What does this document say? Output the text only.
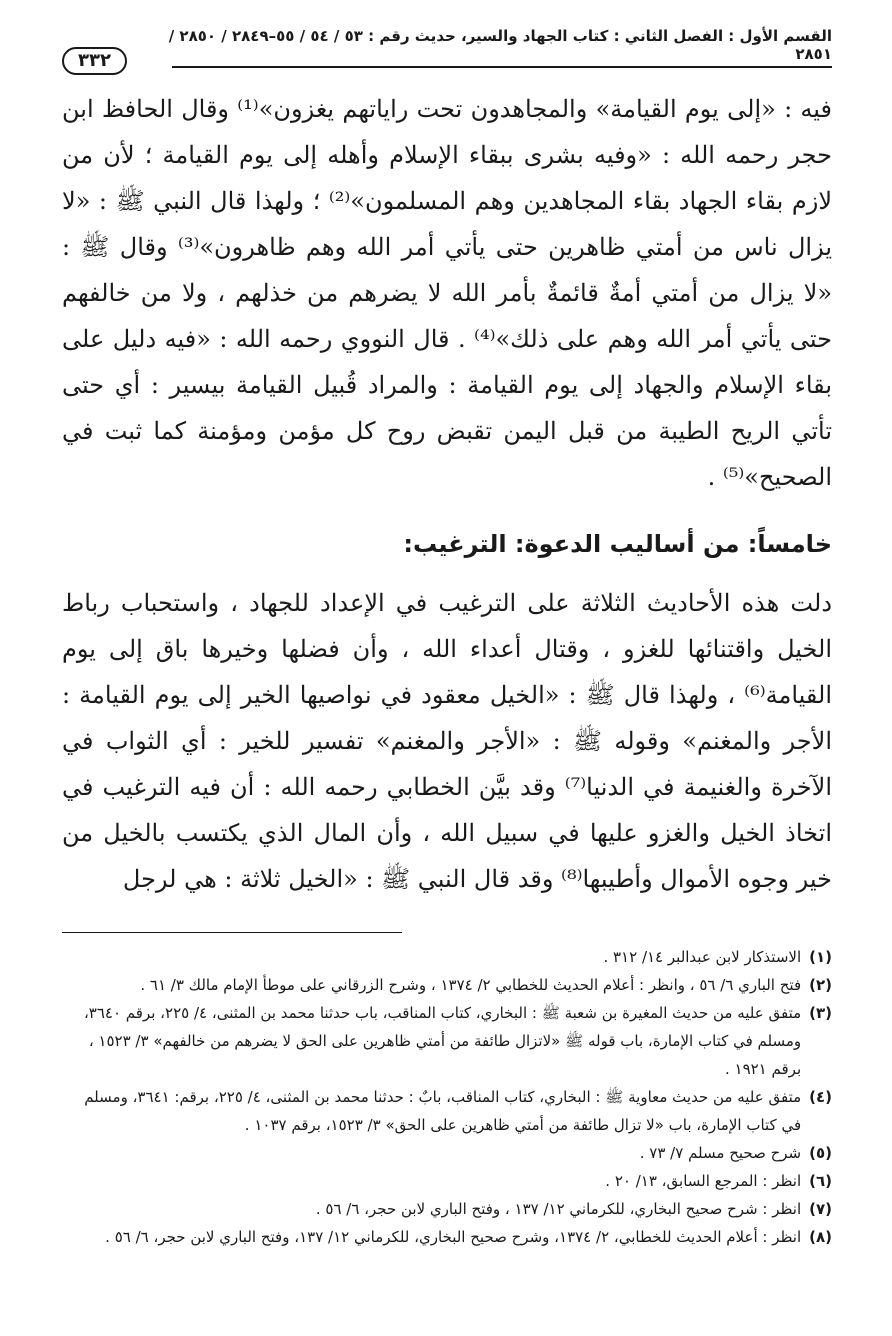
القسم الأول : الفصل الثاني : كتاب الجهاد والسير، حديث رقم : ٥٣ / ٥٤ / ٥٥–٢٨٤٩ / ٢٨٥٠ / ٢٨٥١
٣٣٢

فيه : «إلى يوم القيامة» والمجاهدون تحت راياتهم يغزون»⁽¹⁾ وقال الحافظ ابن حجر رحمه الله : «وفيه بشرى ببقاء الإسلام وأهله إلى يوم القيامة ؛ لأن من لازم بقاء الجهاد بقاء المجاهدين وهم المسلمون»⁽²⁾ ؛ ولهذا قال النبي ﷺ : «لا يزال ناس من أمتي ظاهرين حتى يأتي أمر الله وهم ظاهرون»⁽³⁾ وقال ﷺ : «لا يزال من أمتي أمةٌ قائمةٌ بأمر الله لا يضرهم من خذلهم ، ولا من خالفهم حتى يأتي أمر الله وهم على ذلك»⁽⁴⁾ . قال النووي رحمه الله : «فيه دليل على بقاء الإسلام والجهاد إلى يوم القيامة : والمراد قُبيل القيامة بيسير : أي حتى تأتي الريح الطيبة من قبل اليمن تقبض روح كل مؤمن ومؤمنة كما ثبت في الصحيح»⁽⁵⁾ .

خامساً: من أساليب الدعوة: الترغيب:

دلت هذه الأحاديث الثلاثة على الترغيب في الإعداد للجهاد ، واستحباب رباط الخيل واقتنائها للغزو ، وقتال أعداء الله ، وأن فضلها وخيرها باق إلى يوم القيامة⁽⁶⁾ ، ولهذا قال ﷺ : «الخيل معقود في نواصيها الخير إلى يوم القيامة : الأجر والمغنم» وقوله ﷺ : «الأجر والمغنم» تفسير للخير : أي الثواب في الآخرة والغنيمة في الدنيا⁽⁷⁾ وقد بيَّن الخطابي رحمه الله : أن فيه الترغيب في اتخاذ الخيل والغزو عليها في سبيل الله ، وأن المال الذي يكتسب بالخيل من خير وجوه الأموال وأطيبها⁽⁸⁾ وقد قال النبي ﷺ : «الخيل ثلاثة : هي لرجل

(١)
الاستذكار لابن عبدالبر ١٤/ ٣١٢ .
(٢)
فتح الباري ٦/ ٥٦ ، وانظر : أعلام الحديث للخطابي ٢/ ١٣٧٤ ، وشرح الزرقاني على موطأ الإمام مالك ٣/ ٦١ .
(٣)
متفق عليه من حديث المغيرة بن شعبة ﷺ : البخاري، كتاب المناقب، باب حدثنا محمد بن المثنى، ٤/ ٢٢٥، برقم ٣٦٤٠، ومسلم في كتاب الإمارة، باب قوله ﷺ «لاتزال طائفة من أمتي ظاهرين على الحق لا يضرهم من خالفهم» ٣/ ١٥٢٣ ، برقم ١٩٢١ .
(٤)
متفق عليه من حديث معاوية ﷺ : البخاري، كتاب المناقب، بابٌ : حدثنا محمد بن المثنى، ٤/ ٢٢٥، برقم: ٣٦٤١، ومسلم في كتاب الإمارة، باب «لا تزال طائفة من أمتي ظاهرين على الحق» ٣/ ١٥٢٣، برقم ١٠٣٧ .
(٥)
شرح صحيح مسلم ٧/ ٧٣ .
(٦)
انظر : المرجع السابق، ١٣/ ٢٠ .
(٧)
انظر : شرح صحيح البخاري، للكرماني ١٢/ ١٣٧ ، وفتح الباري لابن حجر، ٦/ ٥٦ .
(٨)
انظر : أعلام الحديث للخطابي، ٢/ ١٣٧٤، وشرح صحيح البخاري، للكرماني ١٢/ ١٣٧، وفتح الباري لابن حجر، ٦/ ٥٦ .
